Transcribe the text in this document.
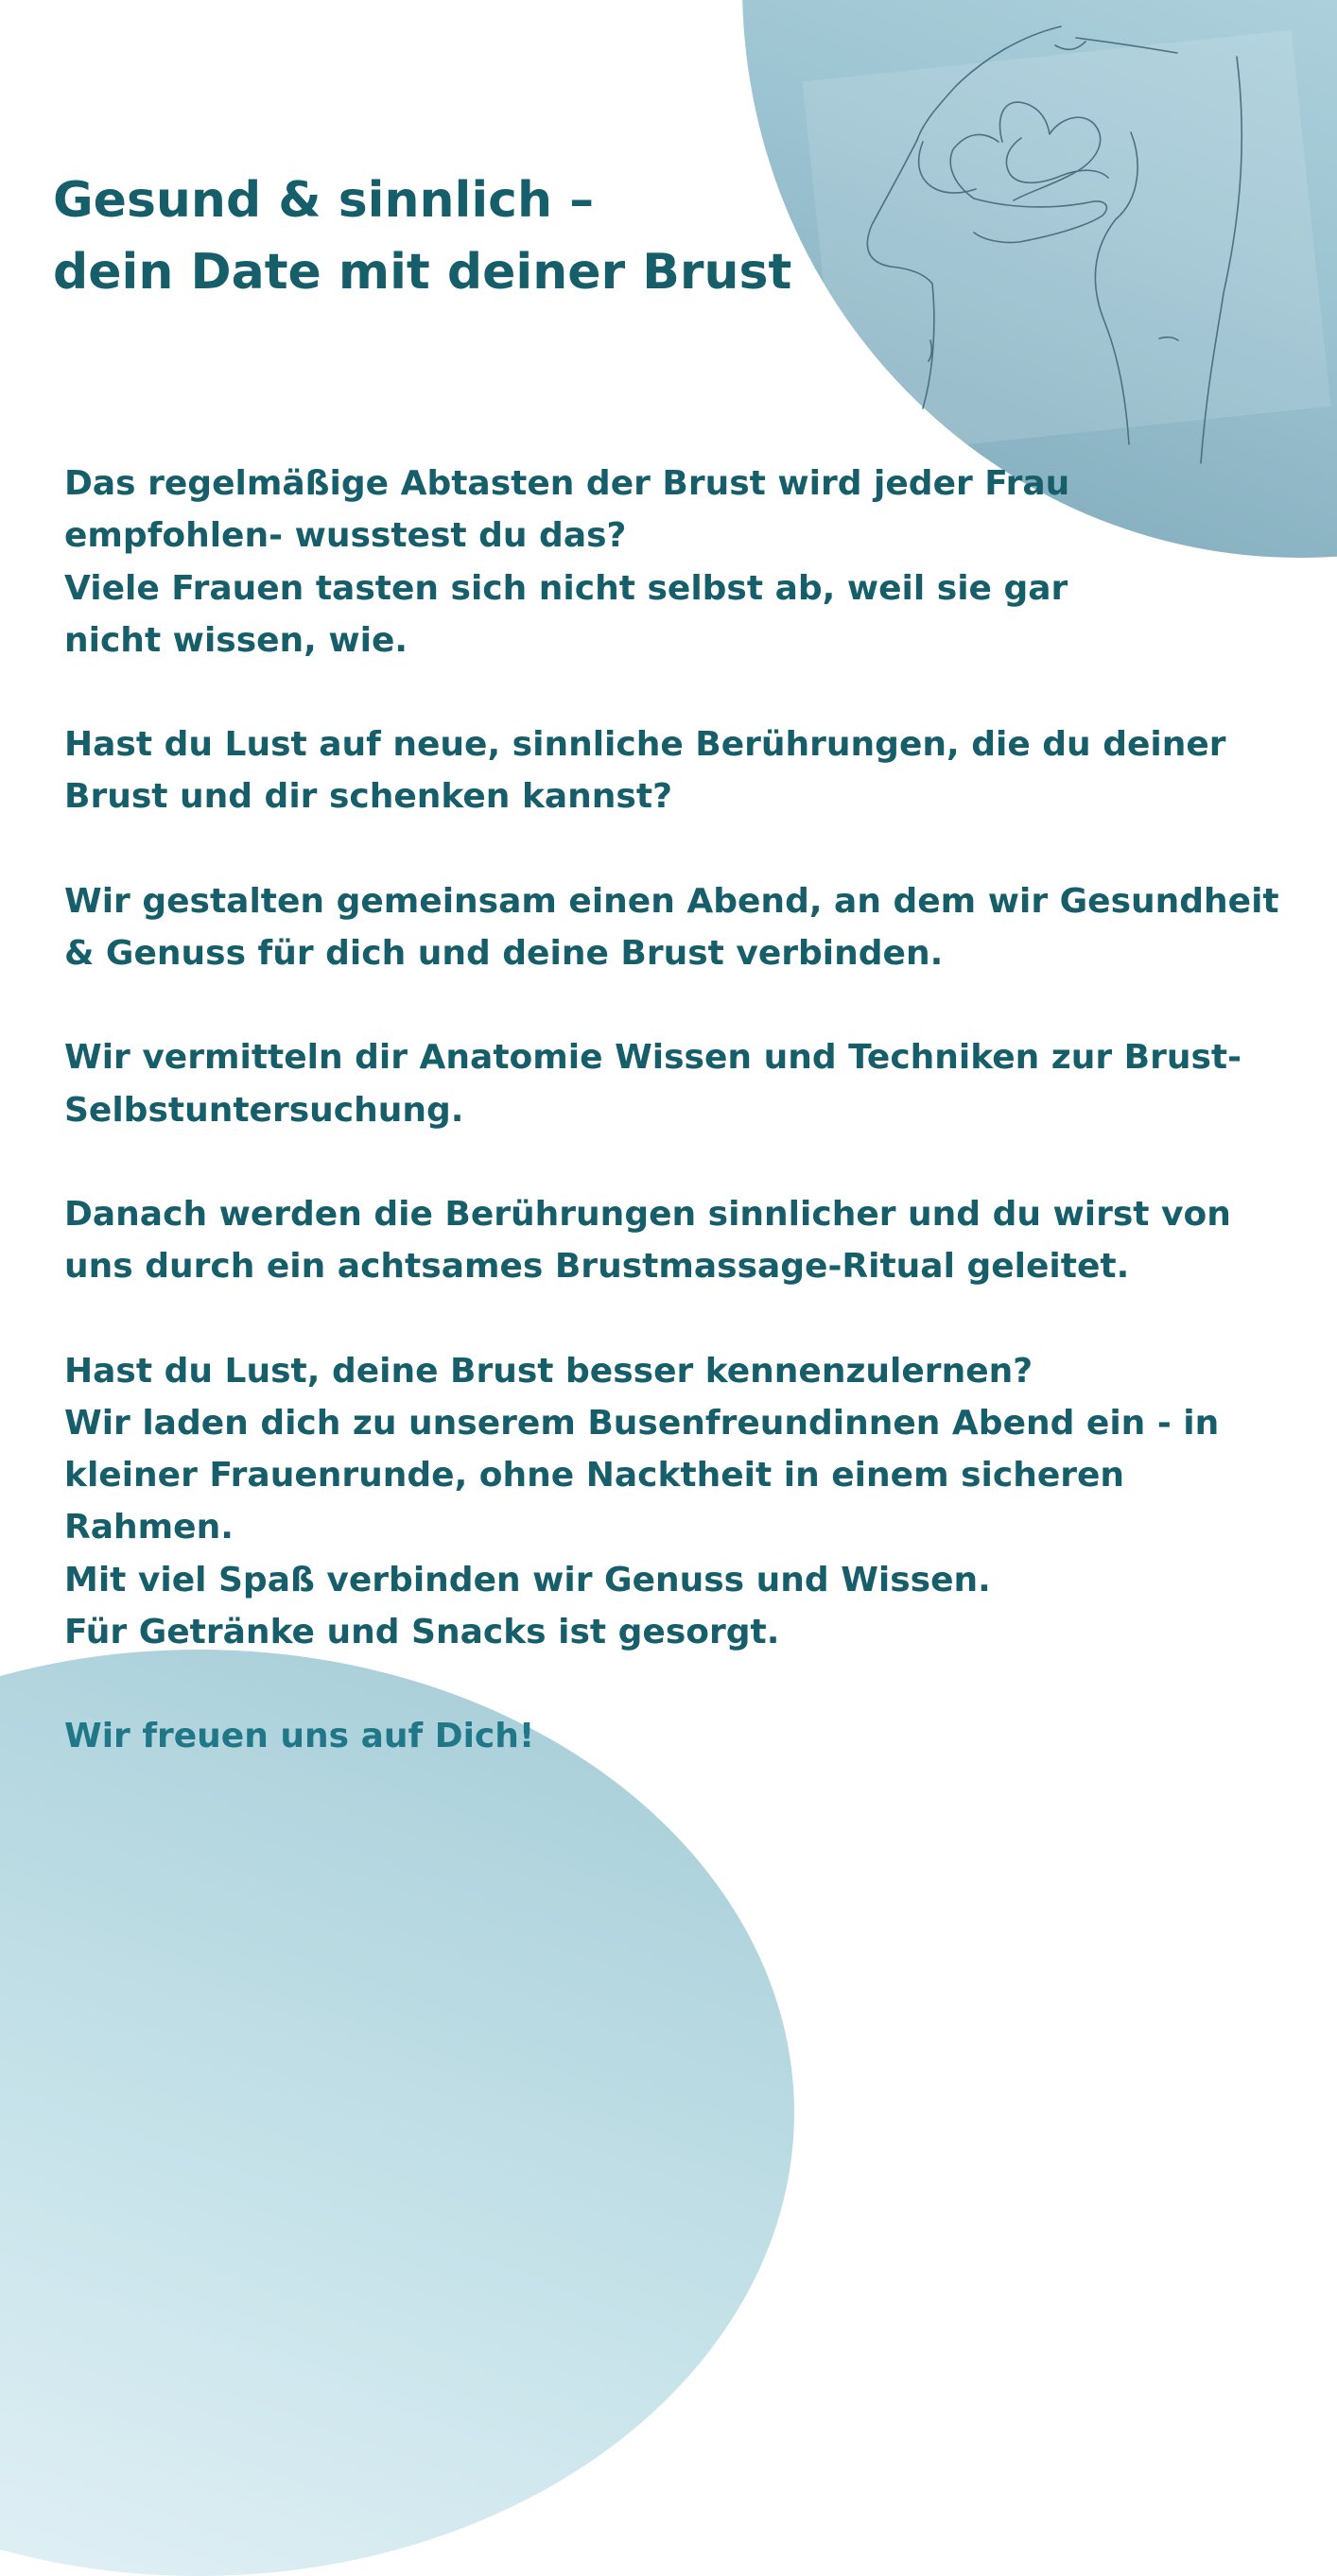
Gesund & sinnlich –
dein Date mit deiner Brust
Das regelmäßige Abtasten der Brust wird jeder Frau
empfohlen- wusstest du das?
Viele Frauen tasten sich nicht selbst ab, weil sie gar
nicht wissen, wie.
Hast du Lust auf neue, sinnliche Berührungen, die du deiner
Brust und dir schenken kannst?
Wir gestalten gemeinsam einen Abend, an dem wir Gesundheit
& Genuss für dich und deine Brust verbinden.
Wir vermitteln dir Anatomie Wissen und Techniken zur Brust-
Selbstuntersuchung.
Danach werden die Berührungen sinnlicher und du wirst von
uns durch ein achtsames Brustmassage-Ritual geleitet.
Hast du Lust, deine Brust besser kennenzulernen?
Wir laden dich zu unserem Busenfreundinnen Abend ein - in
kleiner Frauenrunde, ohne Nacktheit in einem sicheren
Rahmen.
Mit viel Spaß verbinden wir Genuss und Wissen.
Für Getränke und Snacks ist gesorgt.
Wir freuen uns auf Dich!
